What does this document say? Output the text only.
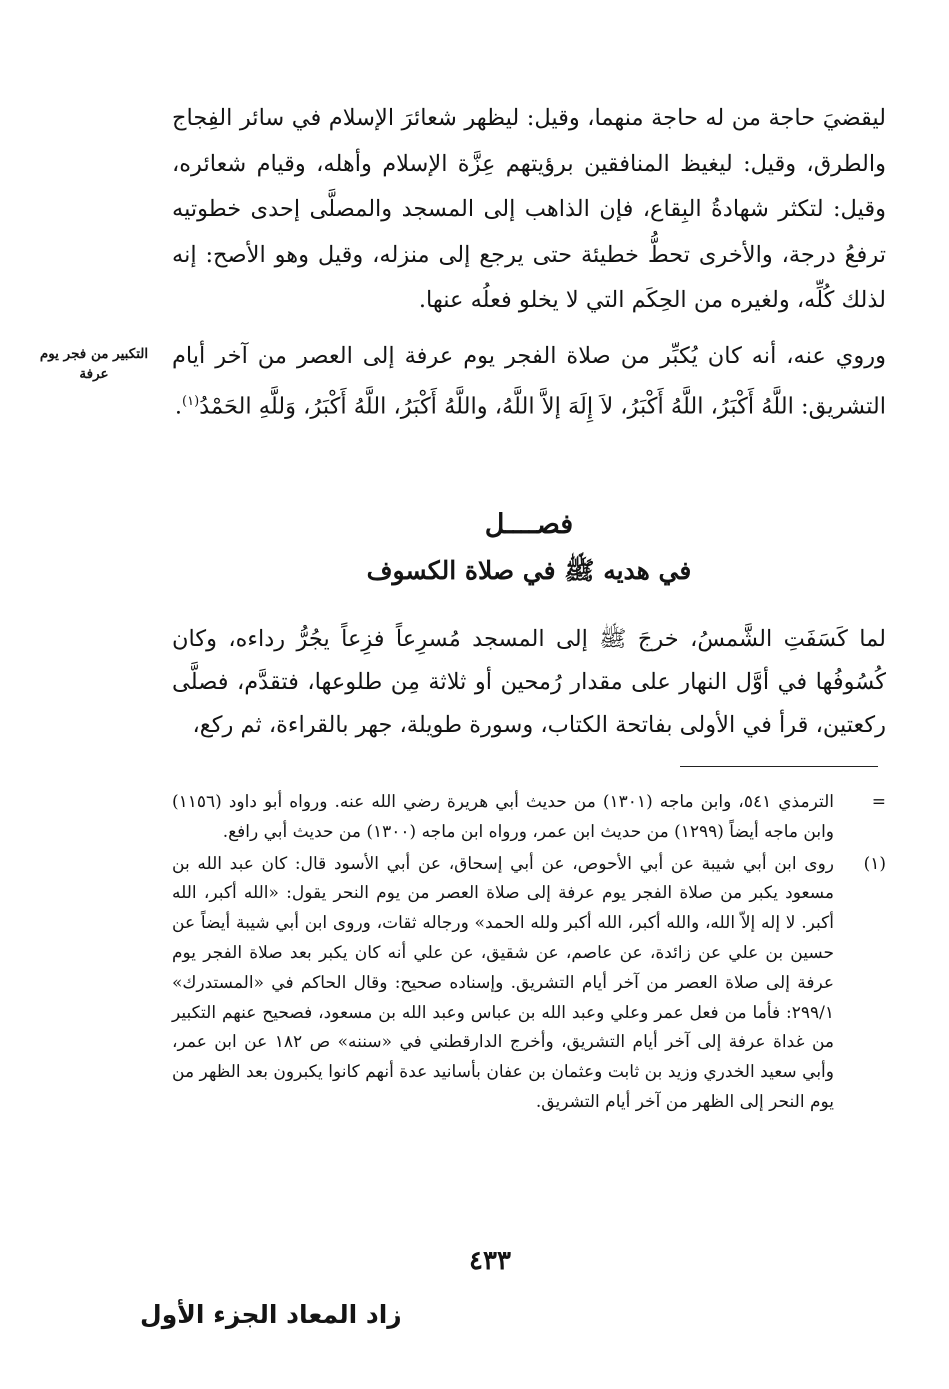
ليقضيَ حاجة من له حاجة منهما، وقيل: ليظهر شعائرَ الإسلام في سائر الفِجاج والطرق، وقيل: ليغيظ المنافقين برؤيتهم عِزَّة الإسلام وأهله، وقيام شعائره، وقيل: لتكثر شهادةُ البِقاع، فإن الذاهب إلى المسجد والمصلَّى إحدى خطوتيه ترفعُ درجة، والأخرى تحطُّ خطيئة حتى يرجع إلى منزله، وقيل وهو الأصح: إنه لذلك كُلِّه، ولغيره من الحِكَم التي لا يخلو فعلُه عنها.

وروي عنه، أنه كان يُكبِّر من صلاة الفجر يوم عرفة إلى العصر من آخر أيام التشريق: اللَّهُ أَكْبَرُ، اللَّهُ أَكْبَرُ، لاَ إِلَهَ إلاَّ اللَّهُ، واللَّهُ أَكْبَرُ، اللَّهُ أَكْبَرُ، وَللَّهِ الحَمْدُ$^{(١)}$.

التكبير من فجر يوم عرفة
فصــــل
في هديه ﷺ في صلاة الكسوف

لما كَسَفَتِ الشَّمسُ، خرجَ ﷺ إلى المسجد مُسرِعاً فزِعاً يجُرُّ رداءه، وكان كُسُوفُها في أوَّل النهار على مقدار رُمحين أو ثلاثة مِن طلوعها، فتقدَّم، فصلَّى ركعتين، قرأ في الأولى بفاتحة الكتاب، وسورة طويلة، جهر بالقراءة، ثم ركع،

=
الترمذي ٥٤١، وابن ماجه (١٣٠١) من حديث أبي هريرة رضي الله عنه. ورواه أبو داود (١١٥٦) وابن ماجه أيضاً (١٢٩٩) من حديث ابن عمر، ورواه ابن ماجه (١٣٠٠) من حديث أبي رافع.
(١)
روى ابن أبي شيبة عن أبي الأحوص، عن أبي إسحاق، عن أبي الأسود قال: كان عبد الله بن مسعود يكبر من صلاة الفجر يوم عرفة إلى صلاة العصر من يوم النحر يقول: «الله أكبر، الله أكبر. لا إله إلاّ الله، والله أكبر، الله أكبر ولله الحمد» ورجاله ثقات، وروى ابن أبي شيبة أيضاً عن حسين بن علي عن زائدة، عن عاصم، عن شقيق، عن علي أنه كان يكبر بعد صلاة الفجر يوم عرفة إلى صلاة العصر من آخر أيام التشريق. وإسناده صحيح: وقال الحاكم في «المستدرك» ٢٩٩/١: فأما من فعل عمر وعلي وعبد الله بن عباس وعبد الله بن مسعود، فصحيح عنهم التكبير من غداة عرفة إلى آخر أيام التشريق، وأخرج الدارقطني في «سننه» ص ١٨٢ عن ابن عمر، وأبي سعيد الخدري وزيد بن ثابت وعثمان بن عفان بأسانيد عدة أنهم كانوا يكبرون بعد الظهر من يوم النحر إلى الظهر من آخر أيام التشريق.
٤٣٣
زاد المعاد الجزء الأول
